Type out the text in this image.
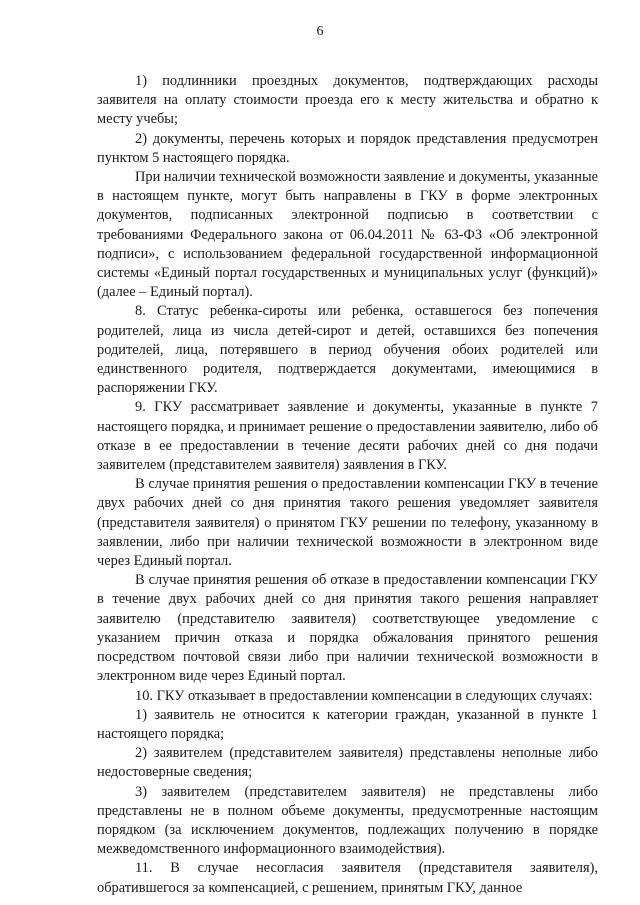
6

1) подлинники проездных документов, подтверждающих расходы заявителя на оплату стоимости проезда его к месту жительства и обратно к месту учебы;

2) документы, перечень которых и порядок представления предусмотрен пунктом 5 настоящего порядка.

При наличии технической возможности заявление и документы, указанные в настоящем пункте, могут быть направлены в ГКУ в форме электронных документов, подписанных электронной подписью в соответствии с требованиями Федерального закона от 06.04.2011 № 63-ФЗ «Об электронной подписи», с использованием федеральной государственной информационной системы «Единый портал государственных и муниципальных услуг (функций)» (далее – Единый портал).

8. Статус ребенка-сироты или ребенка, оставшегося без попечения родителей, лица из числа детей-сирот и детей, оставшихся без попечения родителей, лица, потерявшего в период обучения обоих родителей или единственного родителя, подтверждается документами, имеющимися в распоряжении ГКУ.

9. ГКУ рассматривает заявление и документы, указанные в пункте 7 настоящего порядка, и принимает решение о предоставлении заявителю, либо об отказе в ее предоставлении в течение десяти рабочих дней со дня подачи заявителем (представителем заявителя) заявления в ГКУ.

В случае принятия решения о предоставлении компенсации ГКУ в течение двух рабочих дней со дня принятия такого решения уведомляет заявителя (представителя заявителя) о принятом ГКУ решении по телефону, указанному в заявлении, либо при наличии технической возможности в электронном виде через Единый портал.

В случае принятия решения об отказе в предоставлении компенсации ГКУ в течение двух рабочих дней со дня принятия такого решения направляет заявителю (представителю заявителя) соответствующее уведомление с указанием причин отказа и порядка обжалования принятого решения посредством почтовой связи либо при наличии технической возможности в электронном виде через Единый портал.

10. ГКУ отказывает в предоставлении компенсации в следующих случаях:

1) заявитель не относится к категории граждан, указанной в пункте 1 настоящего порядка;

2) заявителем (представителем заявителя) представлены неполные либо недостоверные сведения;

3) заявителем (представителем заявителя) не представлены либо представлены не в полном объеме документы, предусмотренные настоящим порядком (за исключением документов, подлежащих получению в порядке межведомственного информационного взаимодействия).

11. В случае несогласия заявителя (представителя заявителя), обратившегося за компенсацией, с решением, принятым ГКУ, данное
